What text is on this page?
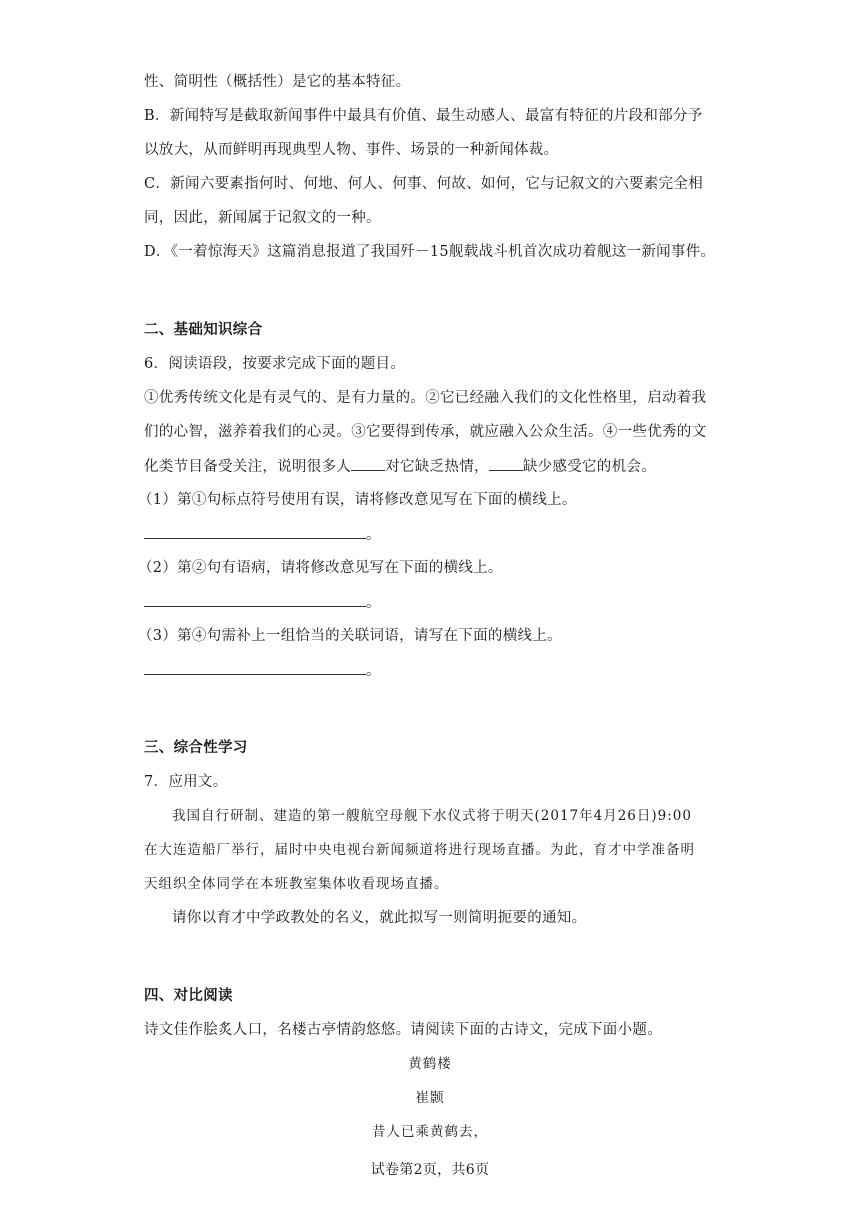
性、简明性（概括性）是它的基本特征。
B．新闻特写是截取新闻事件中最具有价值、最生动感人、最富有特征的片段和部分予
以放大，从而鲜明再现典型人物、事件、场景的一种新闻体裁。
C．新闻六要素指何时、何地、何人、何事、何故、如何，它与记叙文的六要素完全相
同，因此，新闻属于记叙文的一种。
D．《一着惊海天》这篇消息报道了我国歼－15舰载战斗机首次成功着舰这一新闻事件。
二、基础知识综合
6．阅读语段，按要求完成下面的题目。
①优秀传统文化是有灵气的、是有力量的。②它已经融入我们的文化性格里，启动着我
们的心智，滋养着我们的心灵。③它要得到传承，就应融入公众生活。④一些优秀的文
化类节目备受关注，说明很多人 对它缺乏热情， 缺少感受它的机会。
（1）第①句标点符号使用有误，请将修改意见写在下面的横线上。
。
（2）第②句有语病，请将修改意见写在下面的横线上。
。
（3）第④句需补上一组恰当的关联词语，请写在下面的横线上。
。
三、综合性学习
7．应用文。
我国自行研制、建造的第一艘航空母舰下水仪式将于明天(2017年4月26日)9:00
在大连造船厂举行，届时中央电视台新闻频道将进行现场直播。为此，育才中学准备明
天组织全体同学在本班教室集体收看现场直播。
请你以育才中学政教处的名义，就此拟写一则简明扼要的通知。
四、对比阅读
诗文佳作脍炙人口，名楼古亭情韵悠悠。请阅读下面的古诗文，完成下面小题。
黄鹤楼
崔颢
昔人已乘黄鹤去，
试卷第2页，共6页
